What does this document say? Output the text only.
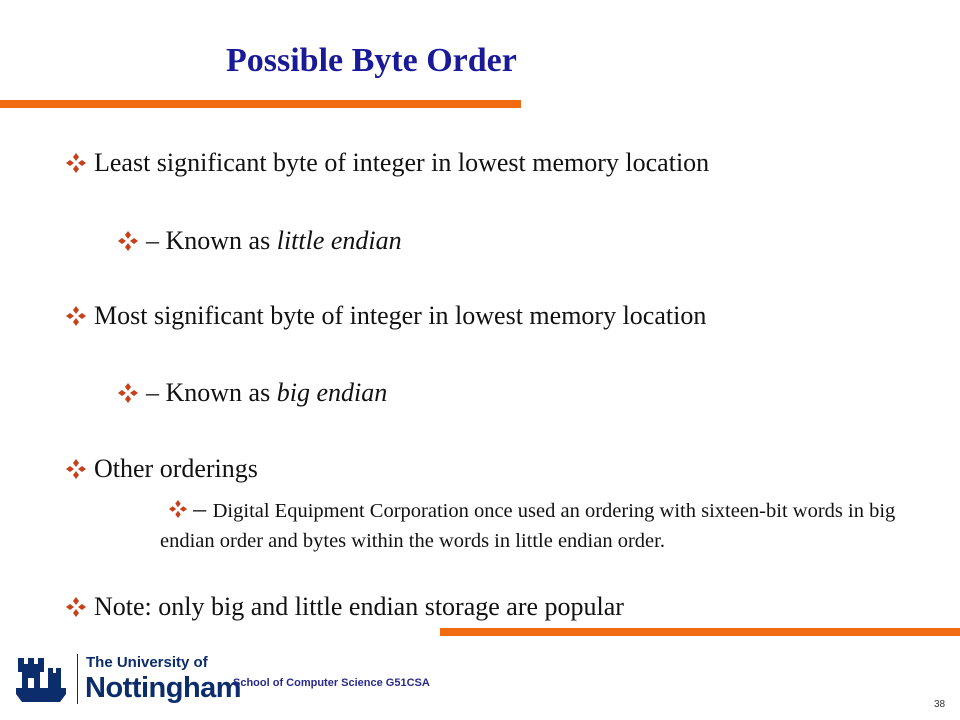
Possible Byte Order
Least significant byte of integer in lowest memory location
– Known as little endian
Most significant byte of integer in lowest memory location
– Known as big endian
Other orderings
– Digital Equipment Corporation once used an ordering with sixteen-bit words in big endian order and bytes within the words in little endian order.
Note: only big and little endian storage are popular
The University of
Nottingham
School of Computer Science G51CSA
38
